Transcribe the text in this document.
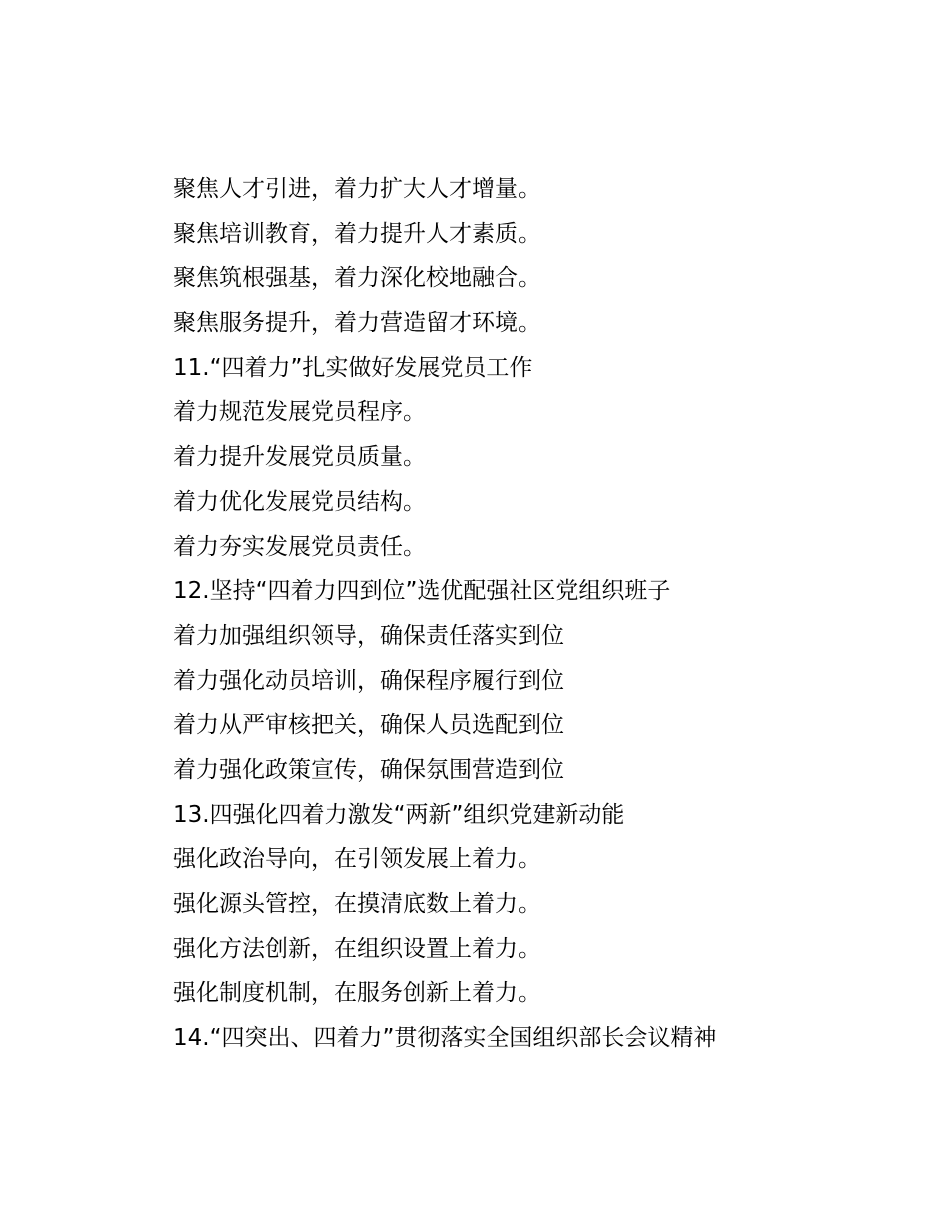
聚焦人才引进，着力扩大人才增量。
聚焦培训教育，着力提升人才素质。
聚焦筑根强基，着力深化校地融合。
聚焦服务提升，着力营造留才环境。
11.“四着力”扎实做好发展党员工作
着力规范发展党员程序。
着力提升发展党员质量。
着力优化发展党员结构。
着力夯实发展党员责任。
12.坚持“四着力四到位”选优配强社区党组织班子
着力加强组织领导，确保责任落实到位
着力强化动员培训，确保程序履行到位
着力从严审核把关，确保人员选配到位
着力强化政策宣传，确保氛围营造到位
13.四强化四着力激发“两新”组织党建新动能
强化政治导向，在引领发展上着力。
强化源头管控，在摸清底数上着力。
强化方法创新，在组织设置上着力。
强化制度机制，在服务创新上着力。
14.“四突出、四着力”贯彻落实全国组织部长会议精神
